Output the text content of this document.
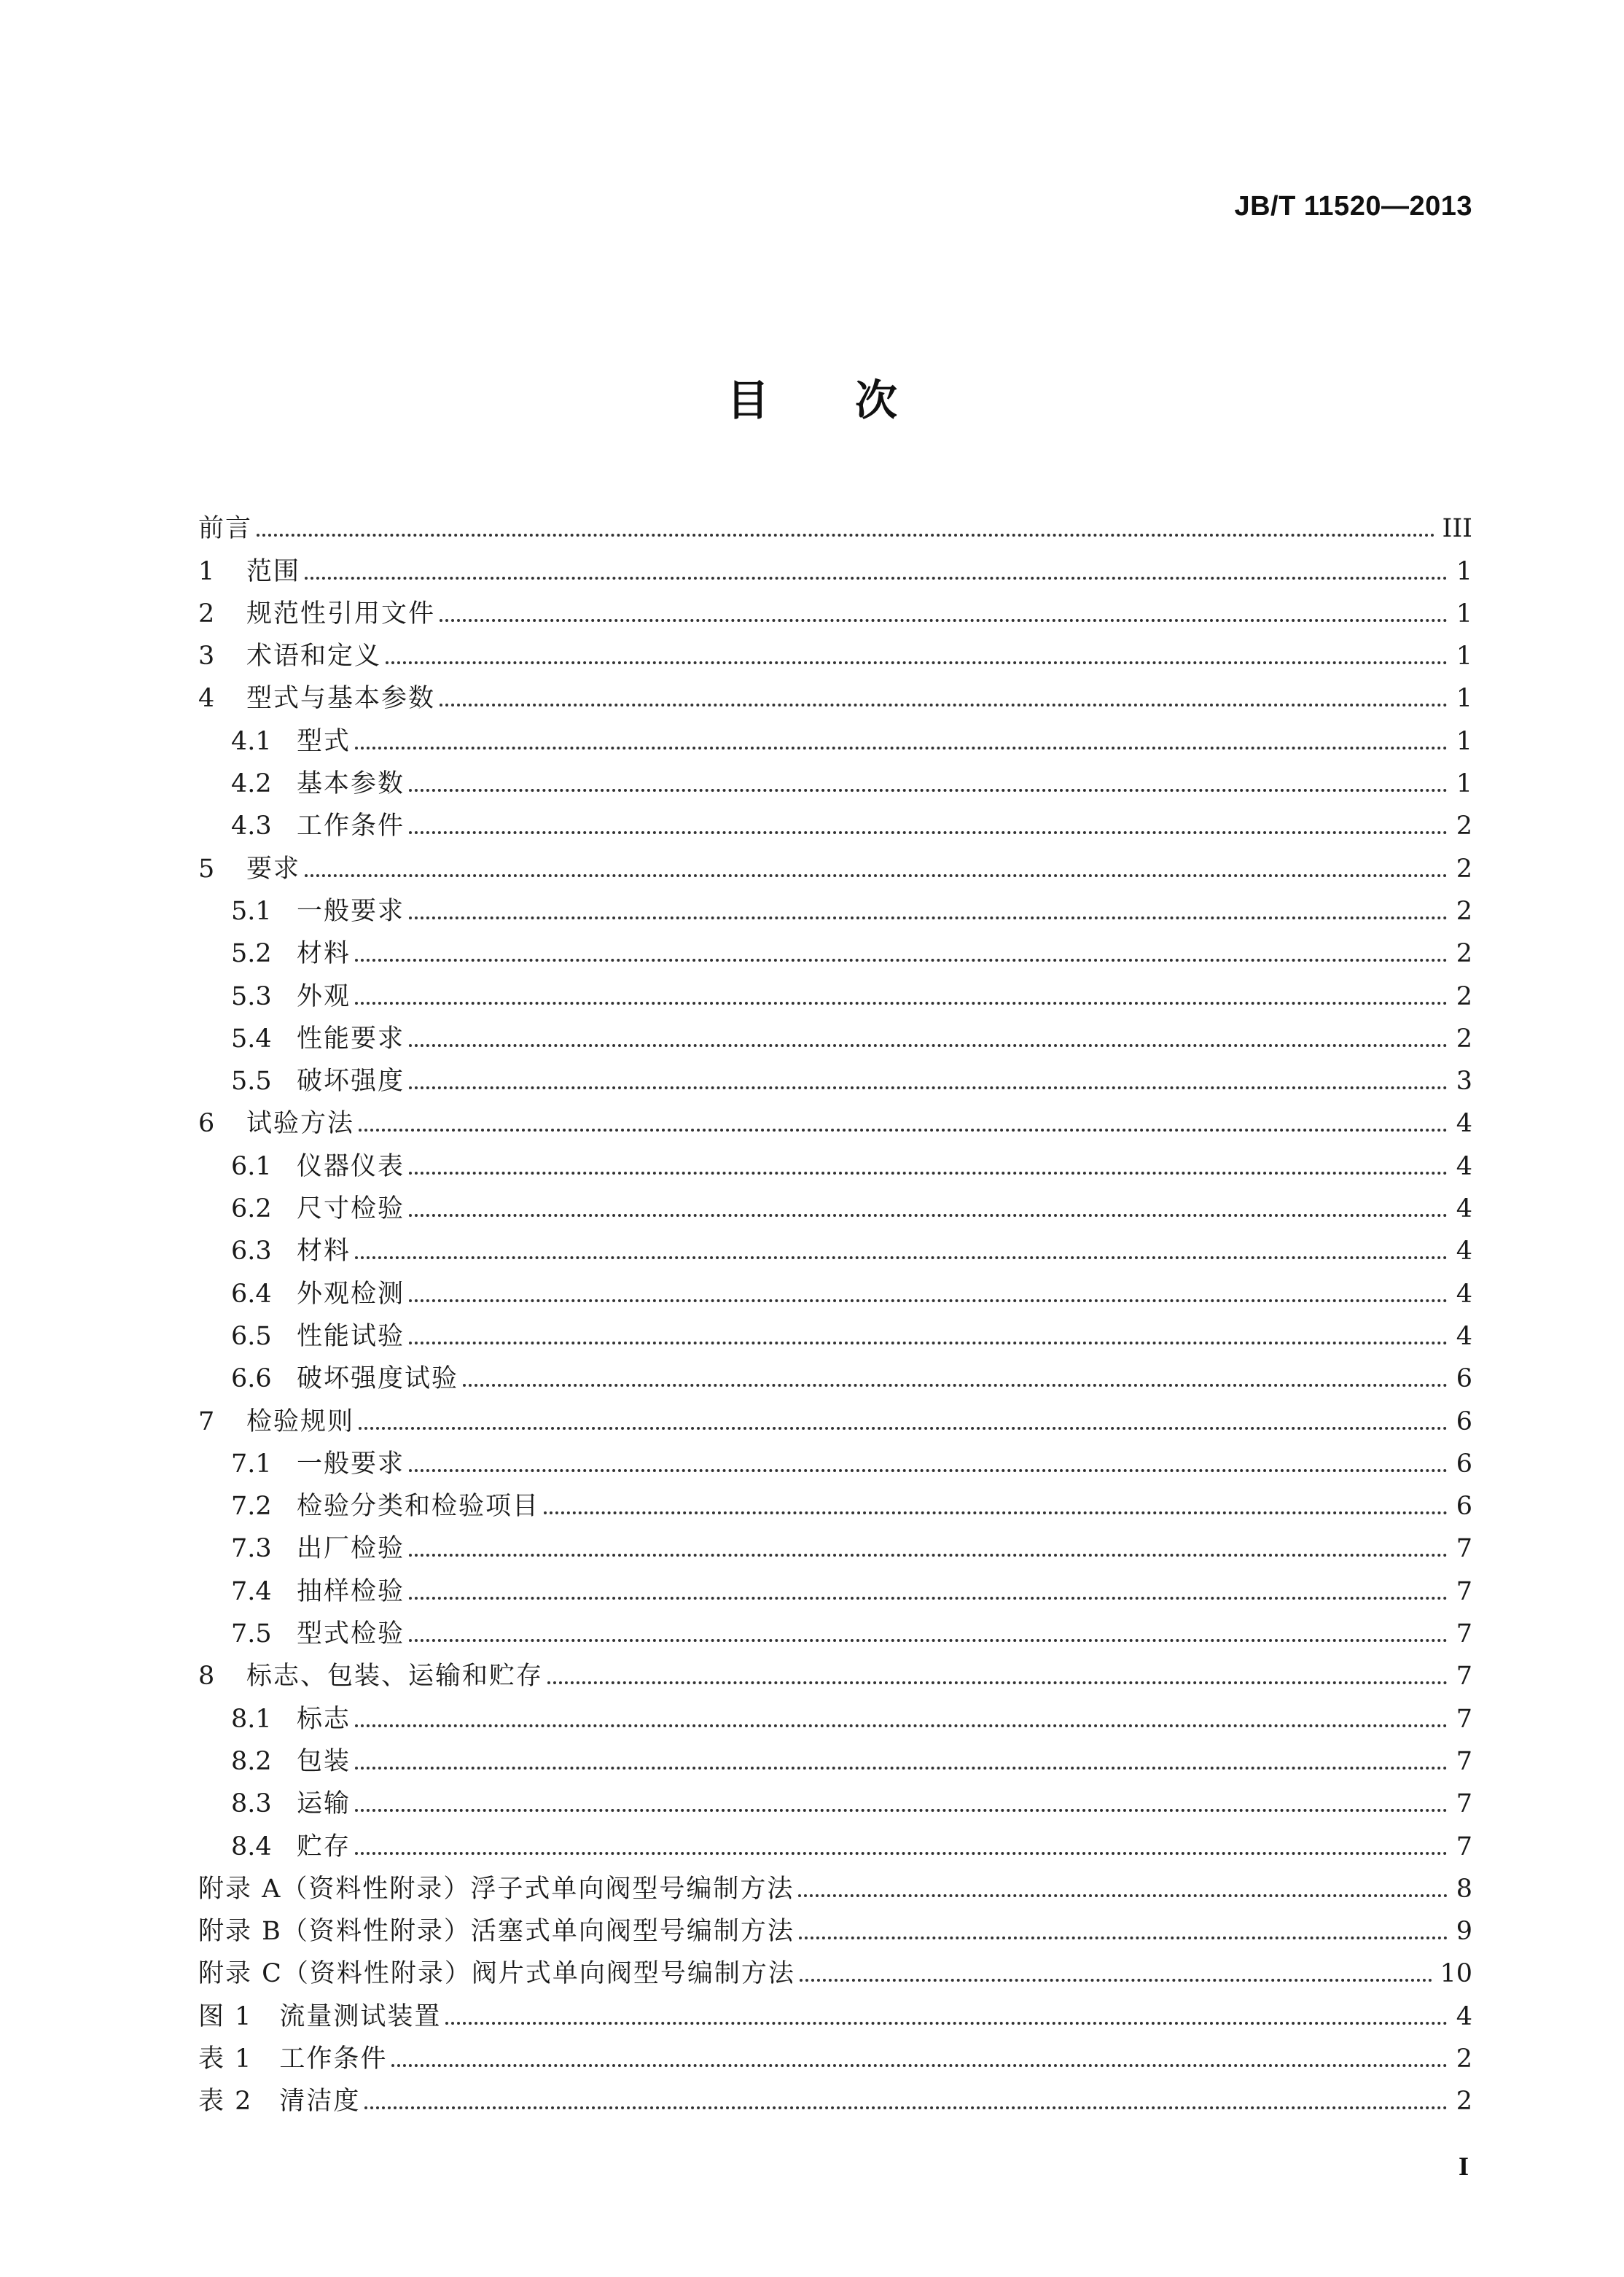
JB/T 11520—2013
目次
前言	III
1	范围	1
2	规范性引用文件	1
3	术语和定义	1
4	型式与基本参数	1
4.1 型式	1
4.2 基本参数	1
4.3 工作条件	2
5	要求	2
5.1 一般要求	2
5.2 材料	2
5.3 外观	2
5.4 性能要求	2
5.5 破坏强度	3
6	试验方法	4
6.1 仪器仪表	4
6.2 尺寸检验	4
6.3 材料	4
6.4 外观检测	4
6.5 性能试验	4
6.6 破坏强度试验	6
7	检验规则	6
7.1 一般要求	6
7.2 检验分类和检验项目	6
7.3 出厂检验	7
7.4 抽样检验	7
7.5 型式检验	7
8	标志、包装、运输和贮存	7
8.1 标志	7
8.2 包装	7
8.3 运输	7
8.4 贮存	7
附录 A（资料性附录）浮子式单向阀型号编制方法	8
附录 B（资料性附录）活塞式单向阀型号编制方法	9
附录 C（资料性附录）阀片式单向阀型号编制方法	10
图 1　流量测试装置	4
表 1　工作条件	2
表 2　清洁度	2
I
